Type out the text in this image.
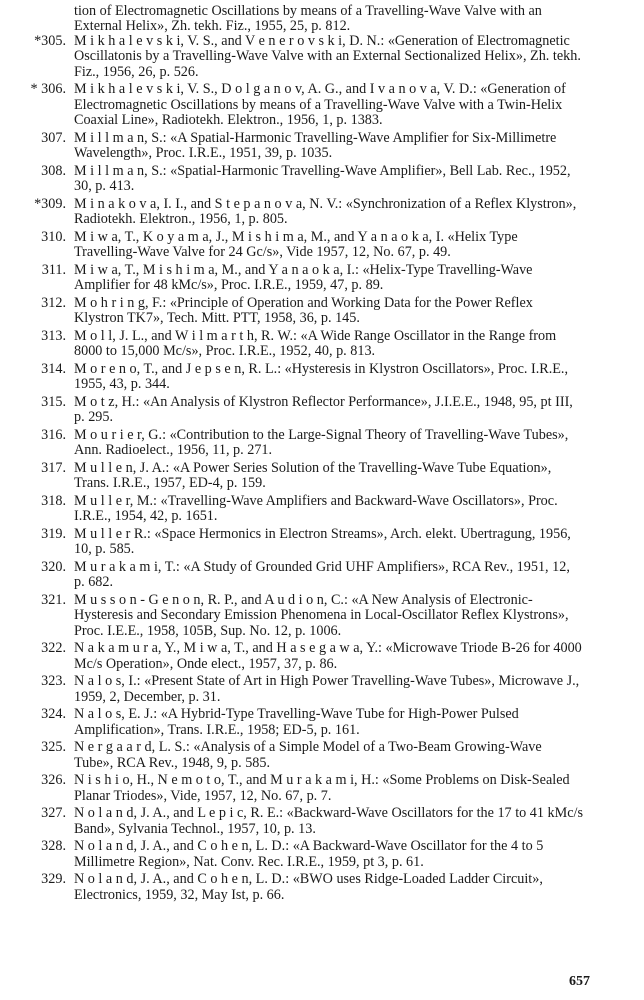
tion of Electromagnetic Oscillations by means of a Travelling-Wave Valve with an External Helix», Zh. tekh. Fiz., 1955, 25, p. 812.
*305. M i k h a l e v s k i, V. S., and V e n e r o v s k i, D. N.: «Generation of Electromagnetic Oscillatonis by a Travelling-Wave Valve with an External Sectionalized Helix», Zh. tekh. Fiz., 1956, 26, p. 526.
* 306. M i k h a l e v s k i, V. S., D o l g a n o v, A. G., and I v a n o v a, V. D.: «Generation of Electromagnetic Oscillations by means of a Travelling-Wave Valve with a Twin-Helix Coaxial Line», Radiotekh. Elektron., 1956, 1, p. 1383.
307. M i l l m a n, S.: «A Spatial-Harmonic Travelling-Wave Amplifier for Six-Millimetre Wavelength», Proc. I.R.E., 1951, 39, p. 1035.
308. M i l l m a n, S.: «Spatial-Harmonic Travelling-Wave Amplifier», Bell Lab. Rec., 1952, 30, p. 413.
*309. M i n a k o v a, I. I., and S t e p a n o v a, N. V.: «Synchronization of a Reflex Klystron», Radiotekh. Elektron., 1956, 1, p. 805.
310. M i w a, T., K o y a m a, J., M i s h i m a, M., and Y a n a o k a, I. «Helix Type Travelling-Wave Valve for 24 Gc/s», Vide 1957, 12, No. 67, p. 49.
311. M i w a, T., M i s h i m a, M., and Y a n a o k a, I.: «Helix-Type Travelling-Wave Amplifier for 48 kMc/s», Proc. I.R.E., 1959, 47, p. 89.
312. M o h r i n g, F.: «Principle of Operation and Working Data for the Power Reflex Klystron TK7», Tech. Mitt. PTT, 1958, 36, p. 145.
313. M o l l, J. L., and W i l m a r t h, R. W.: «A Wide Range Oscillator in the Range from 8000 to 15,000 Mc/s», Proc. I.R.E., 1952, 40, p. 813.
314. M o r e n o, T., and J e p s e n, R. L.: «Hysteresis in Klystron Oscillators», Proc. I.R.E., 1955, 43, p. 344.
315. M o t z, H.: «An Analysis of Klystron Reflector Performance», J.I.E.E., 1948, 95, pt III, p. 295.
316. M o u r i e r, G.: «Contribution to the Large-Signal Theory of Travelling-Wave Tubes», Ann. Radioelect., 1956, 11, p. 271.
317. M u l l e n, J. A.: «A Power Series Solution of the Travelling-Wave Tube Equation», Trans. I.R.E., 1957, ED-4, p. 159.
318. M u l l e r, M.: «Travelling-Wave Amplifiers and Backward-Wave Oscillators», Proc. I.R.E., 1954, 42, p. 1651.
319. M u l l e r R.: «Space Hermonics in Electron Streams», Arch. elekt. Ubertragung, 1956, 10, p. 585.
320. M u r a k a m i, T.: «A Study of Grounded Grid UHF Amplifiers», RCA Rev., 1951, 12, p. 682.
321. M u s s o n - G e n o n, R. P., and A u d i o n, C.: «A New Analysis of Electronic-Hysteresis and Secondary Emission Phenomena in Local-Oscillator Reflex Klystrons», Proc. I.E.E., 1958, 105B, Sup. No. 12, p. 1006.
322. N a k a m u r a, Y., M i w a, T., and H a s e g a w a, Y.: «Microwave Triode B-26 for 4000 Mc/s Operation», Onde elect., 1957, 37, p. 86.
323. N a l o s, I.: «Present State of Art in High Power Travelling-Wave Tubes», Microwave J., 1959, 2, December, p. 31.
324. N a l o s, E. J.: «A Hybrid-Type Travelling-Wave Tube for High-Power Pulsed Amplification», Trans. I.R.E., 1958; ED-5, p. 161.
325. N e r g a a r d, L. S.: «Analysis of a Simple Model of a Two-Beam Growing-Wave Tube», RCA Rev., 1948, 9, p. 585.
326. N i s h i o, H., N e m o t o, T., and M u r a k a m i, H.: «Some Problems on Disk-Sealed Planar Triodes», Vide, 1957, 12, No. 67, p. 7.
327. N o l a n d, J. A., and L e p i c, R. E.: «Backward-Wave Oscillators for the 17 to 41 kMc/s Band», Sylvania Technol., 1957, 10, p. 13.
328. N o l a n d, J. A., and C o h e n, L. D.: «A Backward-Wave Oscillator for the 4 to 5 Millimetre Region», Nat. Conv. Rec. I.R.E., 1959, pt 3, p. 61.
329. N o l a n d, J. A., and C o h e n, L. D.: «BWO uses Ridge-Loaded Ladder Circuit», Electronics, 1959, 32, May Ist, p. 66.
657
